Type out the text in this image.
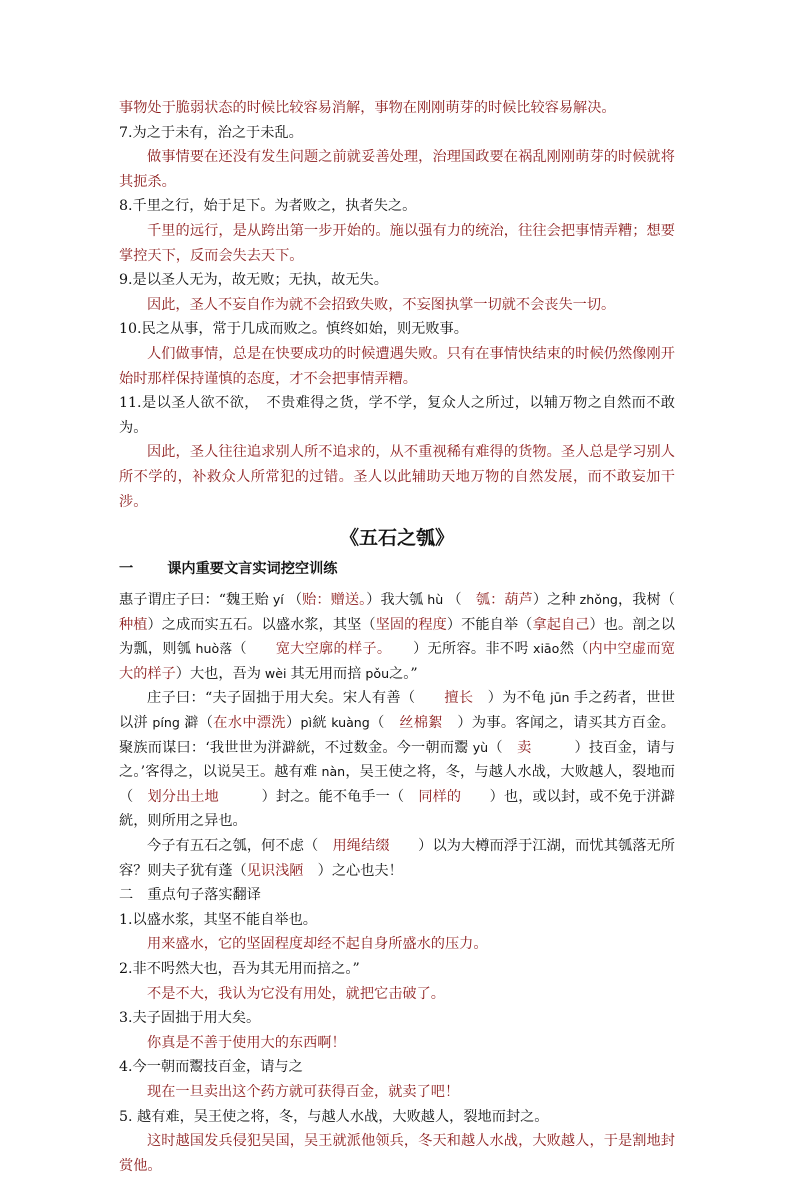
事物处于脆弱状态的时候比较容易消解，事物在刚刚萌芽的时候比较容易解决。

7.为之于未有，治之于未乱。

做事情要在还没有发生问题之前就妥善处理，治理国政要在祸乱刚刚萌芽的时候就将其扼杀。

8.千里之行，始于足下。为者败之，执者失之。

千里的远行，是从跨出第一步开始的。施以强有力的统治，往往会把事情弄糟；想要掌控天下，反而会失去天下。

9.是以圣人无为，故无败；无执，故无失。

因此，圣人不妄自作为就不会招致失败，不妄图执掌一切就不会丧失一切。

10.民之从事，常于几成而败之。慎终如始，则无败事。

人们做事情，总是在快要成功的时候遭遇失败。只有在事情快结束的时候仍然像刚开始时那样保持谨慎的态度，才不会把事情弄糟。

11.是以圣人欲不欲，　不贵难得之货，学不学，复众人之所过，以辅万物之自然而不敢为。

因此，圣人往往追求别人所不追求的，从不重视稀有难得的货物。圣人总是学习别人所不学的，补救众人所常犯的过错。圣人以此辅助天地万物的自然发展，而不敢妄加干涉。

《五石之瓠》
一 课内重要文言实词挖空训练

惠子谓庄子曰：“魏王贻 yí （贻：赠送。）我大瓠 hù （　瓠：葫芦）之种 zhǒng，我树（　种植）之成而实五石。以盛水浆，其坚（坚固的程度）不能自举（拿起自己）也。剖之以为瓢，则瓠 huò落（　　宽大空廓的样子。　　）无所容。非不呺 xiāo然（内中空虚而宽大的样子）大也，吾为 wèi 其无用而掊 pǒu之。”

庄子曰：“夫子固拙于用大矣。宋人有善（　　擅长　）为不龟 jūn 手之药者，世世以洴 píng 澼（在水中漂洗）pì絖 kuàng（　丝棉絮　）为事。客闻之，请买其方百金。聚族而谋曰：‘我世世为洴澼絖，不过数金。今一朝而鬻 yù（　卖　　　）技百金，请与之。’客得之，以说吴王。越有难 nàn，吴王使之将，冬，与越人水战，大败越人，裂地而（　划分出土地　　　）封之。能不龟手一（　同样的　　）也，或以封，或不免于洴澼絖，则所用之异也。

今子有五石之瓠，何不虑（　用绳结缀　　）以为大樽而浮于江湖，而忧其瓠落无所容？则夫子犹有蓬（见识浅陋　）之心也夫！

二　重点句子落实翻译

1.以盛水浆，其坚不能自举也。

用来盛水，它的坚固程度却经不起自身所盛水的压力。

2.非不呺然大也，吾为其无用而掊之。”

不是不大，我认为它没有用处，就把它击破了。

3.夫子固拙于用大矣。

你真是不善于使用大的东西啊！

4.今一朝而鬻技百金，请与之

现在一旦卖出这个药方就可获得百金，就卖了吧！

5. 越有难，吴王使之将，冬，与越人水战，大败越人，裂地而封之。

这时越国发兵侵犯吴国，吴王就派他领兵，冬天和越人水战，大败越人，于是割地封赏他。
